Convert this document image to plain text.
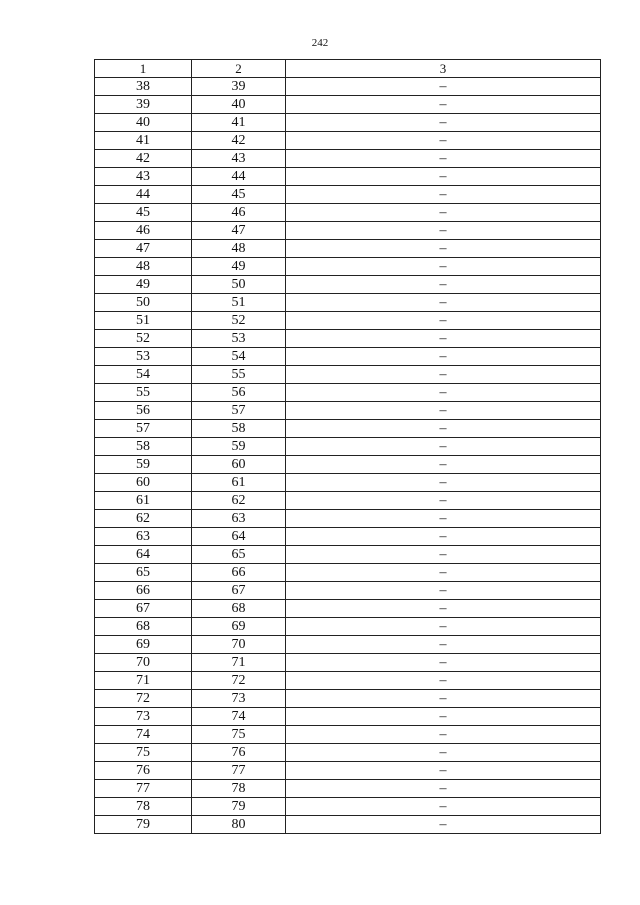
242
1	2	3
38	39	–
39	40	–
40	41	–
41	42	–
42	43	–
43	44	–
44	45	–
45	46	–
46	47	–
47	48	–
48	49	–
49	50	–
50	51	–
51	52	–
52	53	–
53	54	–
54	55	–
55	56	–
56	57	–
57	58	–
58	59	–
59	60	–
60	61	–
61	62	–
62	63	–
63	64	–
64	65	–
65	66	–
66	67	–
67	68	–
68	69	–
69	70	–
70	71	–
71	72	–
72	73	–
73	74	–
74	75	–
75	76	–
76	77	–
77	78	–
78	79	–
79	80	–
